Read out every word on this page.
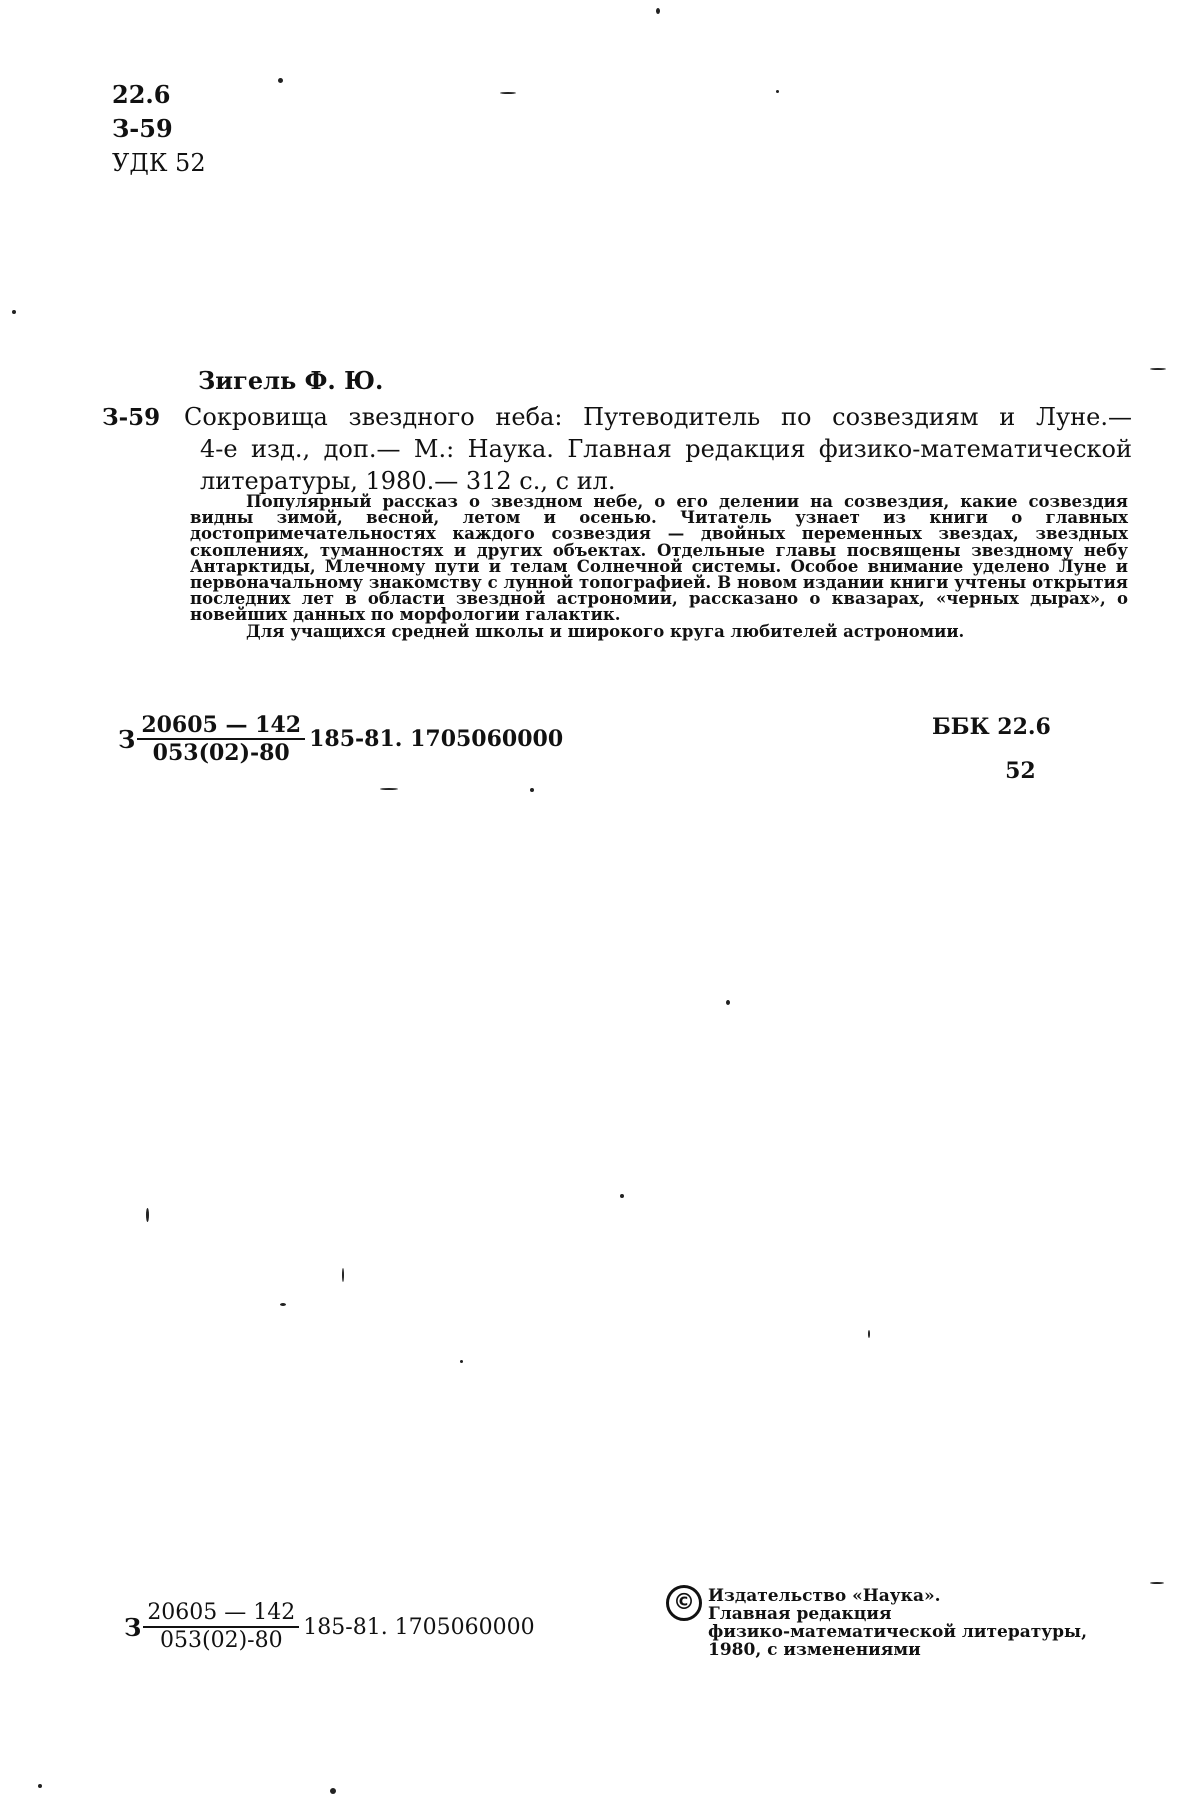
22.6
З-59
УДК 52
Зигель Ф. Ю.
З-59 Сокровища звездного неба: Путеводитель по созвездиям и Луне.—
4-е изд., доп.— М.: Наука. Главная редакция физико-математической литературы, 1980.— 312 с., с ил.

Популярный рассказ о звездном небе, о его делении на созвездия, какие созвездия видны зимой, весной, летом и осенью. Читатель узнает из книги о главных достопримечательностях каждого созвездия — двойных переменных звездах, звездных скоплениях, туманностях и других объектах. Отдельные главы посвящены звездному небу Антарктиды, Млечному пути и телам Солнечной системы. Особое внимание уделено Луне и первоначальному знакомству с лунной топографией. В новом издании книги учтены открытия последних лет в области звездной астрономии, рассказано о квазарах, «черных дырах», о новейших данных по морфологии галактик.

Для учащихся средней школы и широкого круга любителей астрономии.

З $\frac{20605 — 142}{053(02)-80} 185-81$. 1705060000	ББК 22.6
52
З $\frac{20605 — 142}{053(02)-80} 185-81$. 1705060000
© Издательство «Наука».
Главная редакция
физико-математической литературы,
1980, с изменениями
